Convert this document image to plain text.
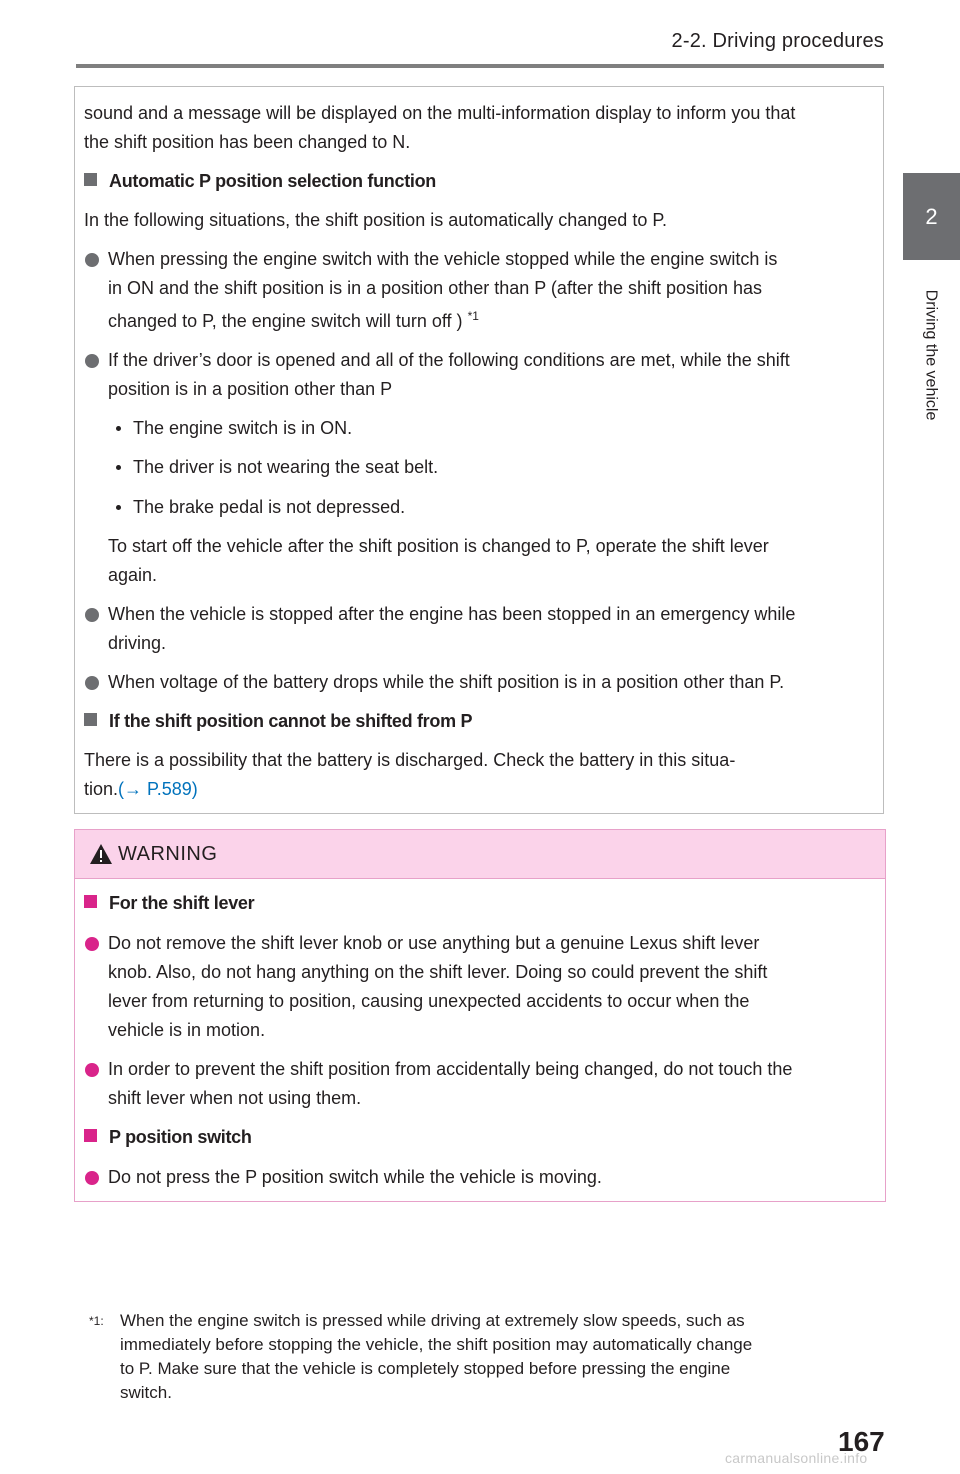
2-2. Driving procedures
2
Driving the vehicle
sound and a message will be displayed on the multi-information display to inform you that
the shift position has been changed to N.
Automatic P position selection function
In the following situations, the shift position is automatically changed to P.
When pressing the engine switch with the vehicle stopped while the engine switch is
in ON and the shift position is in a position other than P (after the shift position has
changed to P, the engine switch will turn off ) $^{*1}$
If the driver’s door is opened and all of the following conditions are met, while the shift
position is in a position other than P
The engine switch is in ON.
The driver is not wearing the seat belt.
The brake pedal is not depressed.
To start off the vehicle after the shift position is changed to P, operate the shift lever
again.
When the vehicle is stopped after the engine has been stopped in an emergency while
driving.
When voltage of the battery drops while the shift position is in a position other than P.
If the shift position cannot be shifted from P
There is a possibility that the battery is discharged. Check the battery in this situa-
tion.(→ P.589)
WARNING
For the shift lever
Do not remove the shift lever knob or use anything but a genuine Lexus shift lever
knob. Also, do not hang anything on the shift lever. Doing so could prevent the shift
lever from returning to position, causing unexpected accidents to occur when the
vehicle is in motion.
In order to prevent the shift position from accidentally being changed, do not touch the
shift lever when not using them.
P position switch
Do not press the P position switch while the vehicle is moving.
*1: When the engine switch is pressed while driving at extremely slow speeds, such as
immediately before stopping the vehicle, the shift position may automatically change
to P. Make sure that the vehicle is completely stopped before pressing the engine
switch.
167
carmanualsonline.info
